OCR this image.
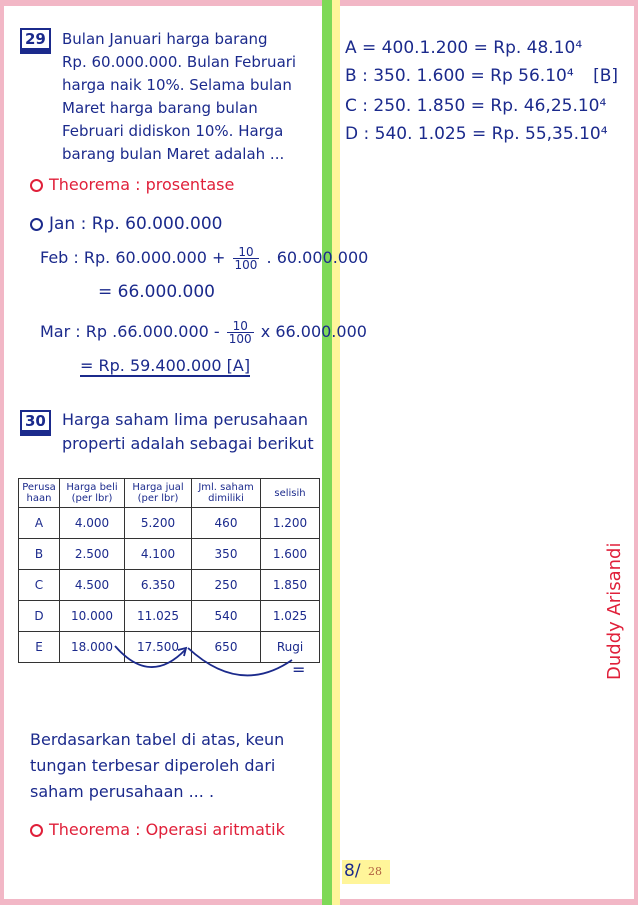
29	Bulan Januari harga barang
Rp. 60.000.000. Bulan Februari
harga naik 10%. Selama bulan
Maret harga barang bulan
Februari didiskon 10%. Harga
barang bulan Maret adalah ...
Theorema : prosentase
Jan : Rp. 60.000.000
Feb : Rp. $60.000.000 + \frac{10}{100}$ . 60.000.000
= 66.000.000
Mar : Rp $.66.000.000 - \frac{10}{100}$ x 66.000.000
= Rp. 59.400.000 [A]
30	Harga saham lima perusahaan
properti adalah sebagai berikut
Perusa haan	Harga beli (per lbr)	Harga jual (per lbr)	Jml. saham dimiliki	selisih
A	4.000	5.200	460	1.200
B	2.500	4.100	350	1.600
C	4.500	6.350	250	1.850
D	10.000	11.025	540	1.025
E	18.000	17.500	650	Rugi
=
Berdasarkan tabel di atas, keun
tungan terbesar diperoleh dari
saham perusahaan ... .
Theorema : Operasi aritmatik
A = 400.1.200 = Rp. 48.10⁴
B : 350. 1.600 = Rp 56.10⁴ [B]
C : 250. 1.850 = Rp. 46,25.10⁴
D : 540. 1.025 = Rp. 55,35.10⁴
Duddy Arisandi
8/ 28
